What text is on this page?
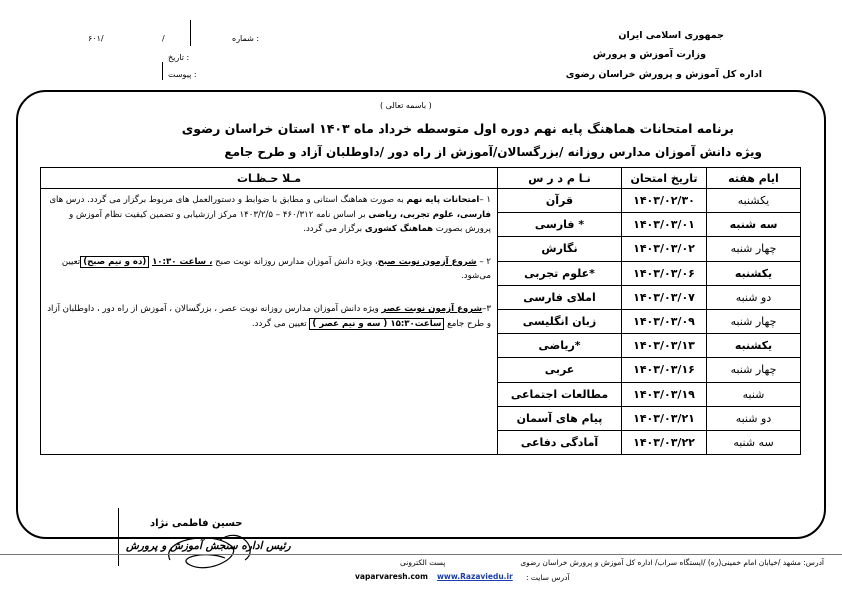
۶۰۱/	/	شماره :
تاریخ :
پیوست :
جمهوری اسلامی ایران
وزارت آموزش و پرورش
اداره کل آموزش و پرورش خراسان رضوی
( باسمه تعالی )
برنامه امتحانات هماهنگ پایه نهم دوره اول متوسطه خرداد ماه ۱۴۰۳ استان خراسان رضوی
ویژه دانش آموزان مدارس روزانه /بزرگسالان/آموزش از راه دور /داوطلبان آزاد و طرح جامع
ایام هفته	تاریخ امتحان	نـا م د ر س	مـلا حـظـات
یکشنبه	۱۴۰۳/۰۲/۳۰	قرآن	۱ –امتحانات پایه نهم به صورت هماهنگ استانی و مطابق با ضوابط و دستورالعمل های مربوط برگزار می گردد. درس های فارسی، علوم تجربی، ریاضی بر اساس نامه ۴۶۰/۳۱۲ – ۱۴۰۳/۲/۵ مرکز ارزشیابی و تضمین کیفیت نظام آموزش و پرورش بصورت هماهنگ کشوری برگزار می گردد.

۲ – شروع آزمون نوبت صبح، ویژه دانش آموزان مدارس روزانه نوبت صبح ، ساعت ۱۰:۳۰ (ده و نیم صبح)تعیین می‌شود.

۳–شروع آزمون نوبت عصر ویژه دانش آموزان مدارس روزانه نوبت عصر ، بزرگسالان ، آموزش از راه دور ، داوطلبان آزاد و طرح جامع ساعت۱۵:۳۰ ( سه و نیم عصر ) تعیین می گردد.

سه شنبه	۱۴۰۳/۰۳/۰۱	* فارسی	
چهار شنبه	۱۴۰۳/۰۳/۰۲	نگارش	
یکشنبه	۱۴۰۳/۰۳/۰۶	*علوم تجربی	
دو شنبه	۱۴۰۳/۰۳/۰۷	املای فارسی	
چهار شنبه	۱۴۰۳/۰۳/۰۹	زبان انگلیسی	
یکشنبه	۱۴۰۳/۰۳/۱۳	*ریاضی	
چهار شنبه	۱۴۰۳/۰۳/۱۶	عربی	
شنبه	۱۴۰۳/۰۳/۱۹	مطالعات اجتماعی	
دو شنبه	۱۴۰۳/۰۳/۲۱	پیام های آسمان	
سه شنبه	۱۴۰۳/۰۳/۲۲	آمادگی دفاعی	
حسین فاطمی نژاد
رئیس اداره سنجش آموزش و پرورش
آدرس: مشهد /خیابان امام خمینی(ره) /ایستگاه سراب/ اداره کل آموزش و پرورش خراسان رضوی
پست الکترونی
vaparvaresh.com www.Razaviedu.ir آدرس سایت :
